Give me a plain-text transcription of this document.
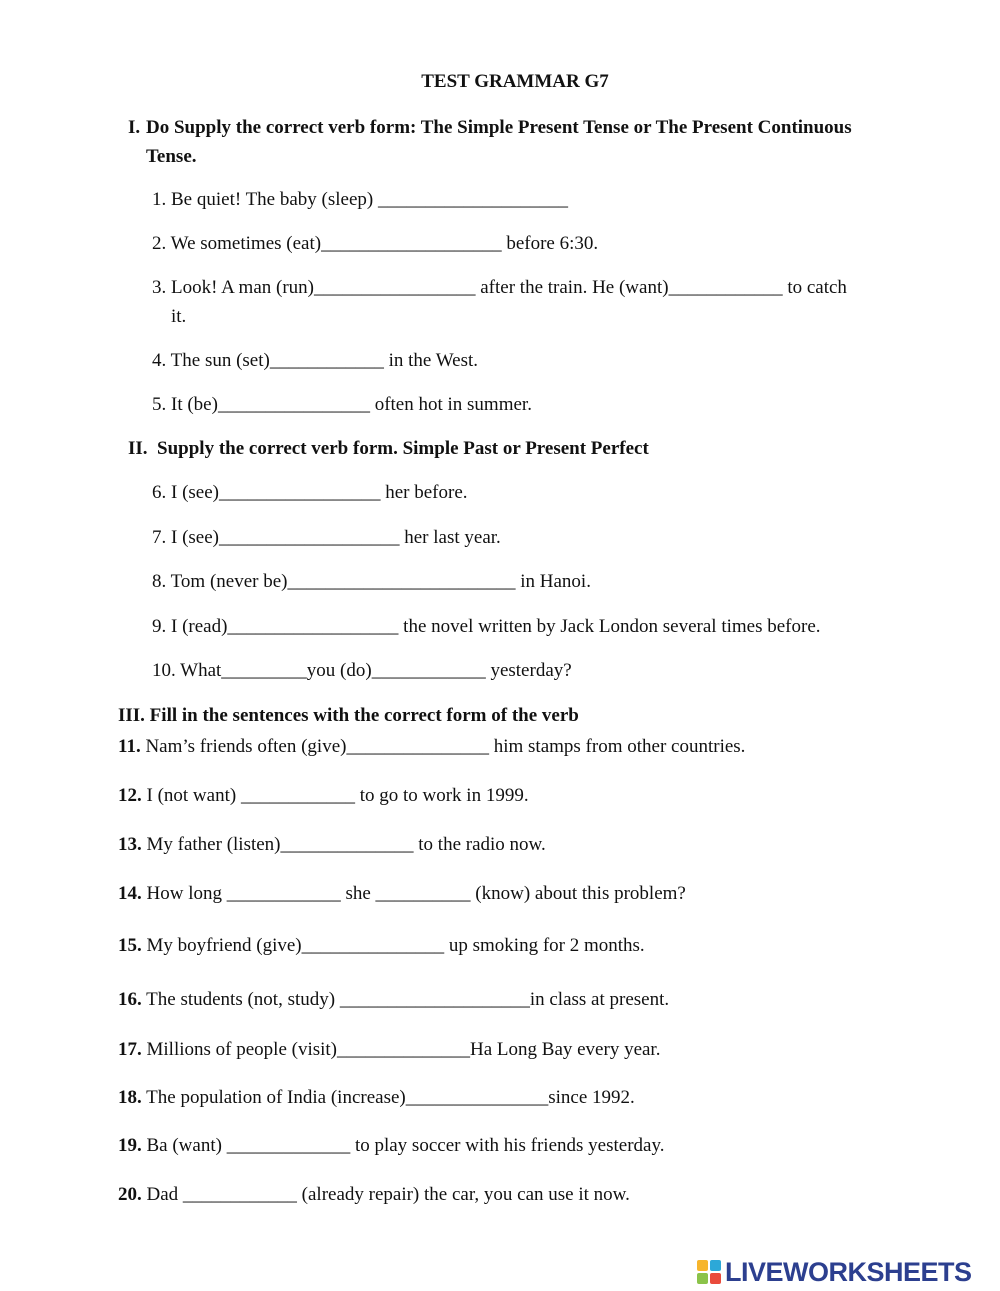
TEST GRAMMAR G7
I. Do Supply the correct verb form: The Simple Present Tense or The Present Continuous
Tense.
1. Be quiet! The baby (sleep) ____________________
2. We sometimes (eat)___________________ before 6:30.
3. Look! A man (run)_________________ after the train. He (want)____________ to catch
it.
4. The sun (set)____________ in the West.
5. It (be)________________ often hot in summer.
II.  Supply the correct verb form. Simple Past or Present Perfect
6. I (see)_________________ her before.
7. I (see)___________________ her last year.
8. Tom (never be)________________________ in Hanoi.
9. I (read)__________________ the novel written by Jack London several times before.
10. What_________you (do)____________ yesterday?
III. Fill in the sentences with the correct form of the verb
11. Nam’s friends often (give)_______________ him stamps from other countries.
12. I (not want) ____________ to go to work in 1999.
13. My father (listen)______________ to the radio now.
14. How long ____________ she __________ (know) about this problem?
15. My boyfriend (give)_______________ up smoking for 2 months.
16. The students (not, study) ____________________in class at present.
17. Millions of people (visit)______________Ha Long Bay every year.
18. The population of India (increase)_______________since 1992.
19. Ba (want) _____________ to play soccer with his friends yesterday.
20. Dad ____________ (already repair) the car, you can use it now.
LIVEWORKSHEETS
